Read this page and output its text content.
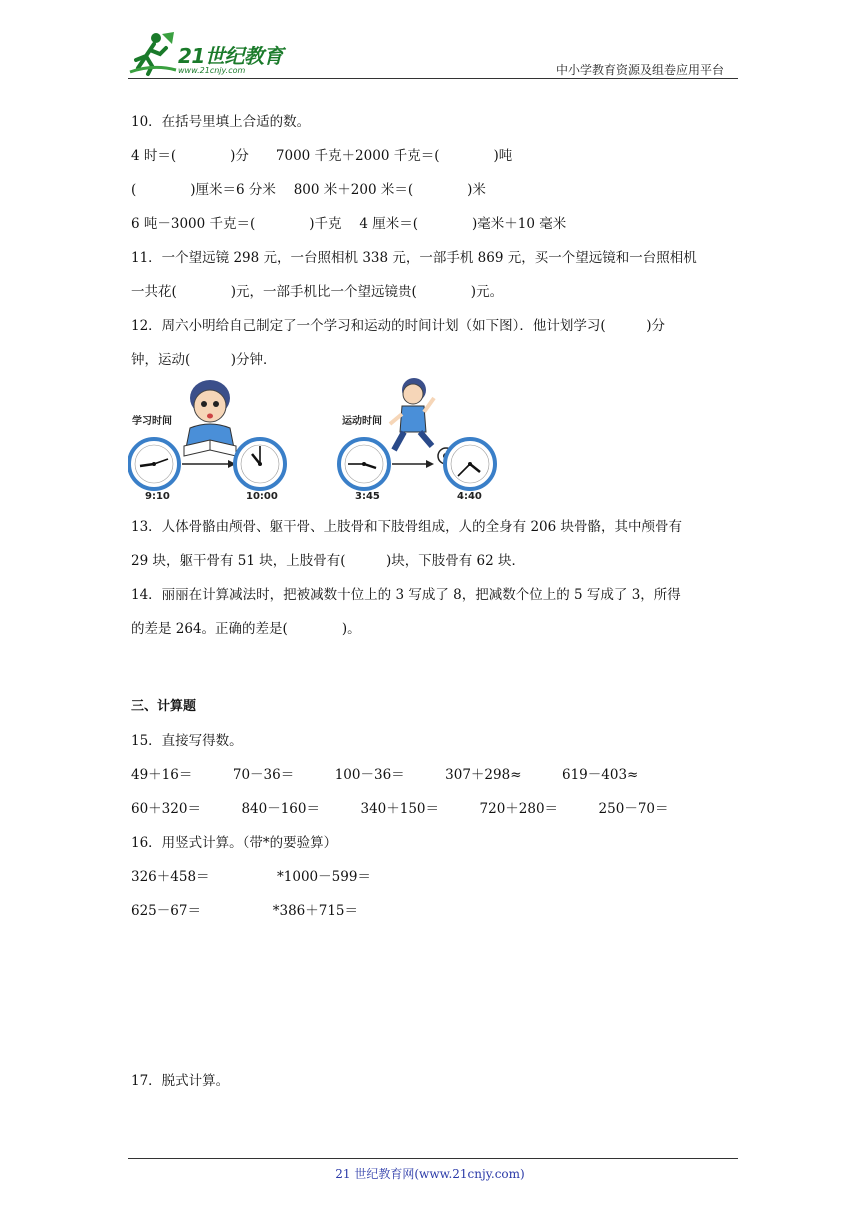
21世纪教育
www.21cnjy.com	中小学教育资源及组卷应用平台
10．在括号里填上合适的数。
4 时＝(　　　　)分　　7000 千克＋2000 千克＝(　　　　)吨
(　　　　)厘米＝6 分米　 800 米＋200 米＝(　　　　)米
6 吨－3000 千克＝(　　　　)千克　 4 厘米＝(　　　　)毫米＋10 毫米
11．一个望远镜 298 元，一台照相机 338 元，一部手机 869 元，买一个望远镜和一台照相机
一共花(　　　　)元，一部手机比一个望远镜贵(　　　　)元。
12．周六小明给自己制定了一个学习和运动的时间计划（如下图）．他计划学习(　　　)分
钟，运动(　　　)分钟．
学习时间
9:10	10:00
运动时间
3:45	4:40
13．人体骨骼由颅骨、躯干骨、上肢骨和下肢骨组成，人的全身有 206 块骨骼，其中颅骨有
29 块，躯干骨有 51 块，上肢骨有(　　　)块，下肢骨有 62 块．
14．丽丽在计算减法时，把被减数十位上的 3 写成了 8，把减数个位上的 5 写成了 3，所得
的差是 264。正确的差是(　　　　)。
三、计算题
15．直接写得数。
49＋16＝　　　70－36＝　　　100－36＝　　　307＋298≈　　　619－403≈
60＋320＝　　　840－160＝　　　340＋150＝　　　720＋280＝　　　250－70＝
16．用竖式计算。（带*的要验算）
326＋458＝　　　　　*1000－599＝
625－67＝　　　　　 *386＋715＝
17．脱式计算。
21 世纪教育网(www.21cnjy.com)
